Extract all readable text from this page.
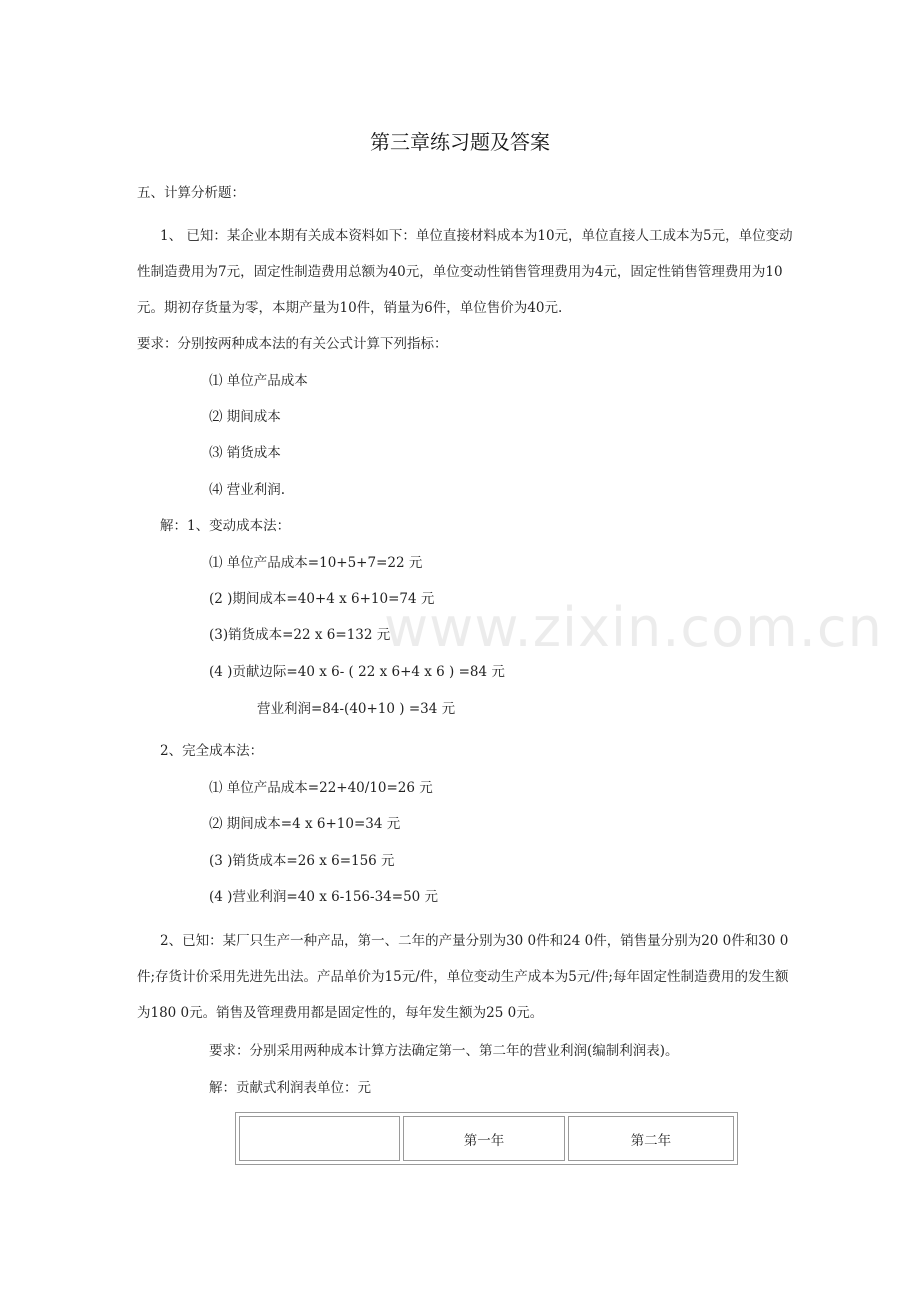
www.zixin.com.cn
第三章练习题及答案
五、计算分析题：
1、 已知：某企业本期有关成本资料如下：单位直接材料成本为10元，单位直接人工成本为5元，单位变动
性制造费用为7元，固定性制造费用总额为40元，单位变动性销售管理费用为4元，固定性销售管理费用为10
元。期初存货量为零，本期产量为10件，销量为6件，单位售价为40元.
要求：分别按两种成本法的有关公式计算下列指标：
⑴ 单位产品成本
⑵ 期间成本
⑶ 销货成本
⑷ 营业利润.
解：1、变动成本法：
⑴ 单位产品成本=10+5+7=22 元
(2 )期间成本=40+4 x 6+10=74 元
(3)销货成本=22 x 6=132 元
(4 )贡献边际=40 x 6- ( 22 x 6+4 x 6 ) =84 元
营业利润=84-(40+10 ) =34 元
2、完全成本法：
⑴ 单位产品成本=22+40/10=26 元
⑵ 期间成本=4 x 6+10=34 元
(3 )销货成本=26 x 6=156 元
(4 )营业利润=40 x 6-156-34=50 元
2、已知：某厂只生产一种产品，第一、二年的产量分别为30 0件和24 0件，销售量分别为20 0件和30 0
件;存货计价采用先进先出法。产品单价为15元/件，单位变动生产成本为5元/件;每年固定性制造费用的发生额
为180 0元。销售及管理费用都是固定性的，每年发生额为25 0元。
要求：分别采用两种成本计算方法确定第一、第二年的营业利润(编制利润表)。
解：贡献式利润表单位：元
	第一年	第二年
